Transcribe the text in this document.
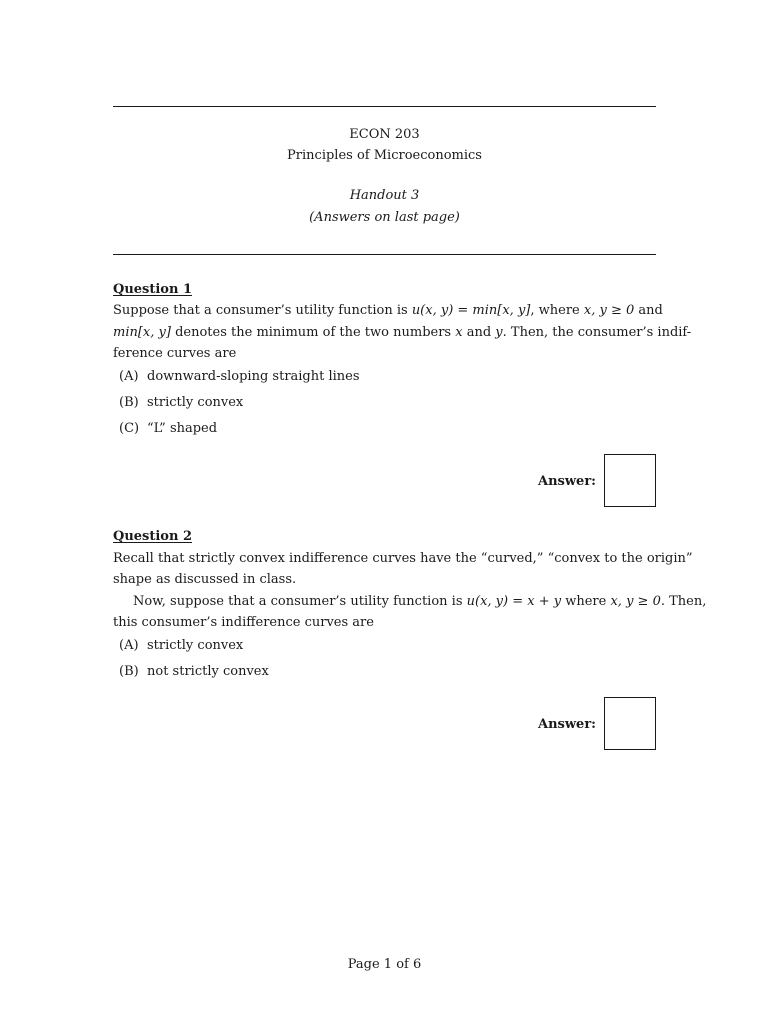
ECON 203
Principles of Microeconomics
Handout 3
(Answers on last page)
Question 1
Suppose that a consumer’s utility function is u(x, y) = min[x, y], where x, y ≥ 0 and
min[x, y] denotes the minimum of the two numbers x and y. Then, the consumer’s indif-
ference curves are
(A) downward-sloping straight lines
(B) strictly convex
(C) “L” shaped
Answer:
Question 2
Recall that strictly convex indifference curves have the “curved,” “convex to the origin”
shape as discussed in class.
Now, suppose that a consumer’s utility function is u(x, y) = x + y where x, y ≥ 0. Then,
this consumer’s indifference curves are
(A) strictly convex
(B) not strictly convex
Answer:
Page 1 of 6
